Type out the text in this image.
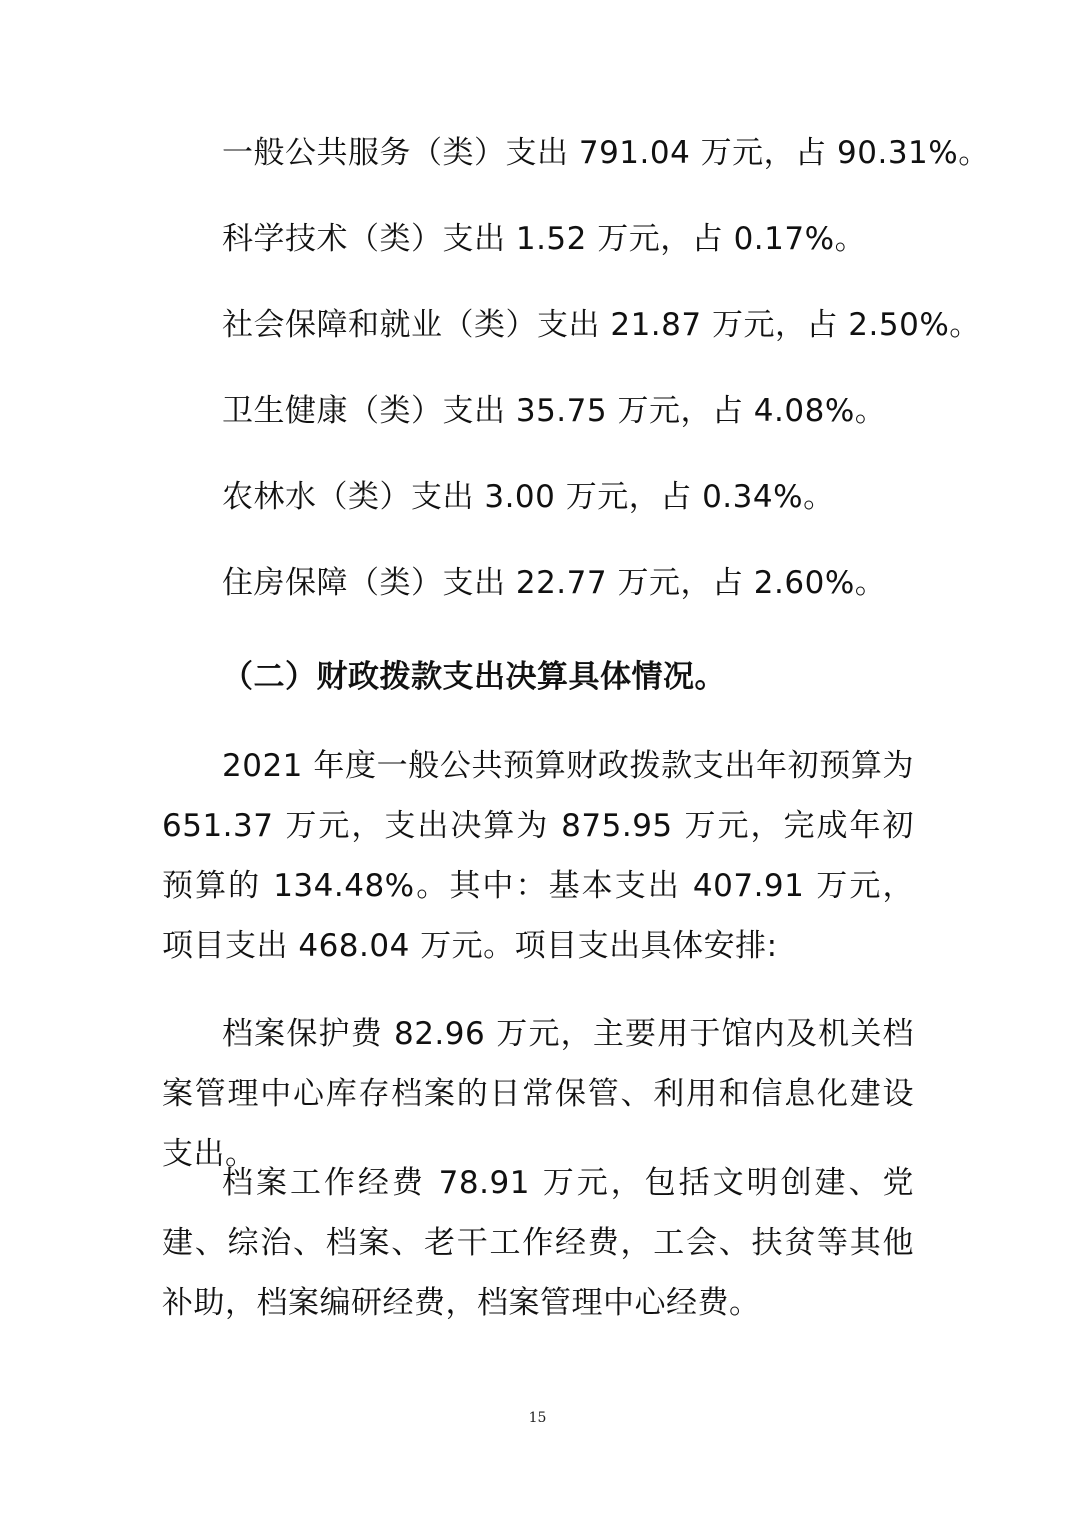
一般公共服务（类）支出 791.04 万元，占 90.31%。
科学技术（类）支出 1.52 万元，占 0.17%。
社会保障和就业（类）支出 21.87 万元，占 2.50%。
卫生健康（类）支出 35.75 万元，占 4.08%。
农林水（类）支出 3.00 万元，占 0.34%。
住房保障（类）支出 22.77 万元，占 2.60%。
（二）财政拨款支出决算具体情况。
2021 年度一般公共预算财政拨款支出年初预算为 651.37 万元，支出决算为 875.95 万元，完成年初预算的 134.48%。其中：基本支出 407.91 万元，项目支出 468.04 万元。项目支出具体安排:
档案保护费 82.96 万元，主要用于馆内及机关档案管理中心库存档案的日常保管、利用和信息化建设支出。
档案工作经费 78.91 万元，包括文明创建、党建、综治、档案、老干工作经费，工会、扶贫等其他补助，档案编研经费，档案管理中心经费。
15
